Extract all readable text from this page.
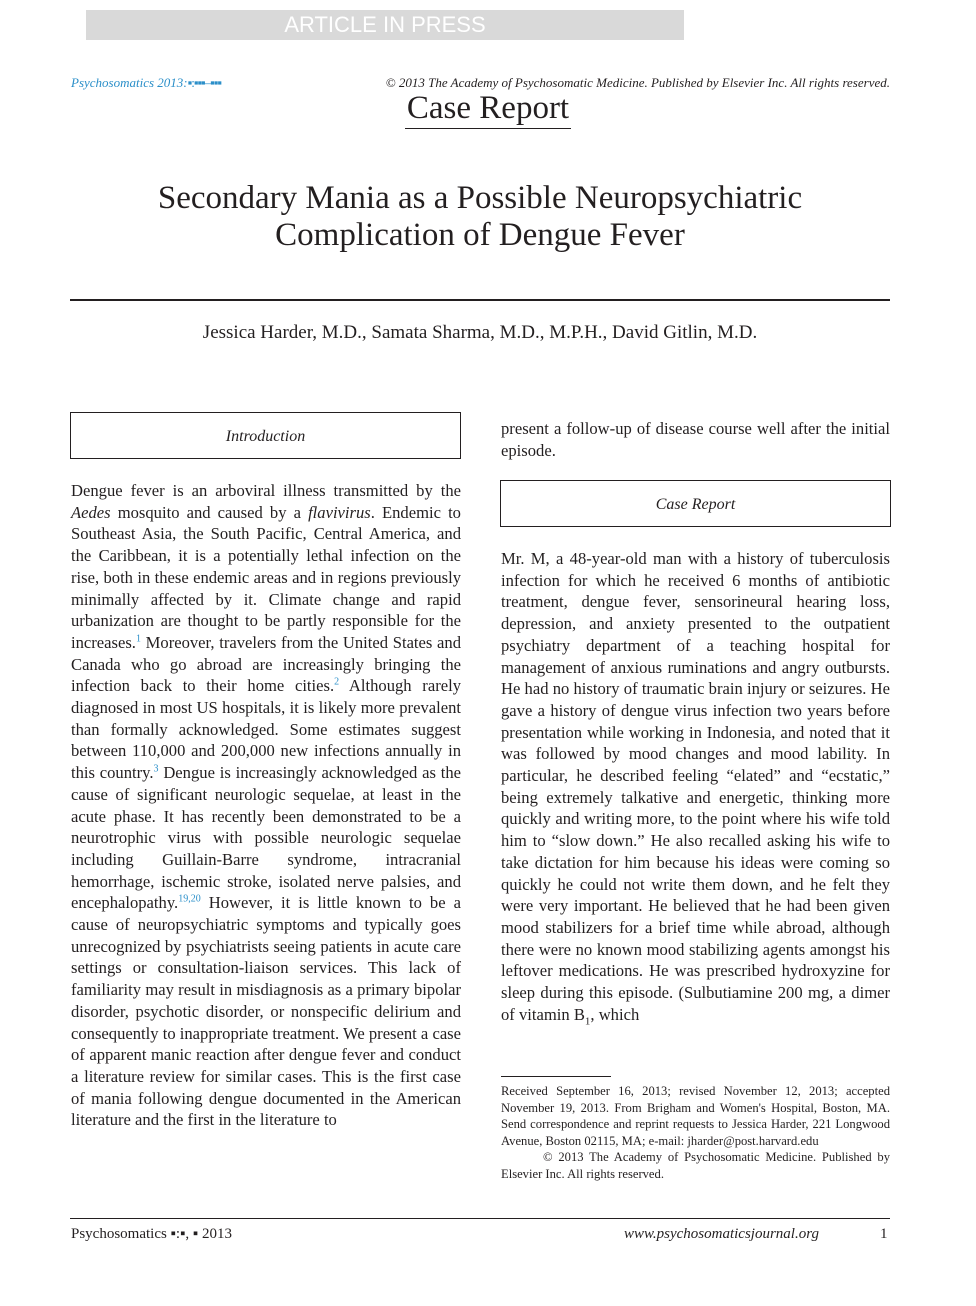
ARTICLE IN PRESS
Psychosomatics 2013:▪:▪▪▪–▪▪▪	© 2013 The Academy of Psychosomatic Medicine. Published by Elsevier Inc. All rights reserved.
Case Report
Secondary Mania as a Possible Neuropsychiatric
Complication of Dengue Fever
Jessica Harder, M.D., Samata Sharma, M.D., M.P.H., David Gitlin, M.D.
Introduction

Dengue fever is an arboviral illness transmitted by the Aedes mosquito and caused by a flavivirus. Endemic to Southeast Asia, the South Pacific, Central America, and the Caribbean, it is a potentially lethal infection on the rise, both in these endemic areas and in regions previously minimally affected by it. Climate change and rapid urbanization are thought to be partly responsible for the increases.$^1$ Moreover, travelers from the United States and Canada who go abroad are increasingly bringing the infection back to their home cities.$^2$ Although rarely diagnosed in most US hospitals, it is likely more prevalent than formally acknowledged. Some estimates suggest between 110,000 and 200,000 new infections annually in this country.$^3$ Dengue is increasingly acknowledged as the cause of significant neurologic sequelae, at least in the acute phase. It has recently been demonstrated to be a neurotrophic virus with possible neurologic sequelae including Guillain-Barre syndrome, intracranial hemorrhage, ischemic stroke, isolated nerve palsies, and encephalopathy.$^{19,20}$ However, it is little known to be a cause of neuropsychiatric symptoms and typically goes unrecognized by psychiatrists seeing patients in acute care settings or consultation-liaison services. This lack of familiarity may result in misdiagnosis as a primary bipolar disorder, psychotic disorder, or nonspecific delirium and consequently to inappropriate treatment. We present a case of apparent manic reaction after dengue fever and conduct a literature review for similar cases. This is the first case of mania following dengue documented in the American literature and the first in the literature to

present a follow-up of disease course well after the initial episode.

Case Report

Mr. M, a 48-year-old man with a history of tuberculosis infection for which he received 6 months of antibiotic treatment, dengue fever, sensorineural hearing loss, depression, and anxiety presented to the outpatient psychiatry department of a teaching hospital for management of anxious ruminations and angry outbursts. He had no history of traumatic brain injury or seizures. He gave a history of dengue virus infection two years before presentation while working in Indonesia, and noted that it was followed by mood changes and mood lability. In particular, he described feeling “elated” and “ecstatic,” being extremely talkative and energetic, thinking more quickly and writing more, to the point where his wife told him to “slow down.” He also recalled asking his wife to take dictation for him because his ideas were coming so quickly he could not write them down, and he felt they were very important. He believed that he had been given mood stabilizers for a brief time while abroad, although there were no known mood stabilizing agents amongst his leftover medications. He was prescribed hydroxyzine for sleep during this episode. (Sulbutiamine 200 mg, a dimer of vitamin $B_1$, which

Received September 16, 2013; revised November 12, 2013; accepted November 19, 2013. From Brigham and Women's Hospital, Boston, MA. Send correspondence and reprint requests to Jessica Harder, 221 Longwood Avenue, Boston 02115, MA; e-mail: jharder@post.harvard.edu

© 2013 The Academy of Psychosomatic Medicine. Published by Elsevier Inc. All rights reserved.

Psychosomatics ▪:▪, ▪ 2013	www.psychosomaticsjournal.org	1
